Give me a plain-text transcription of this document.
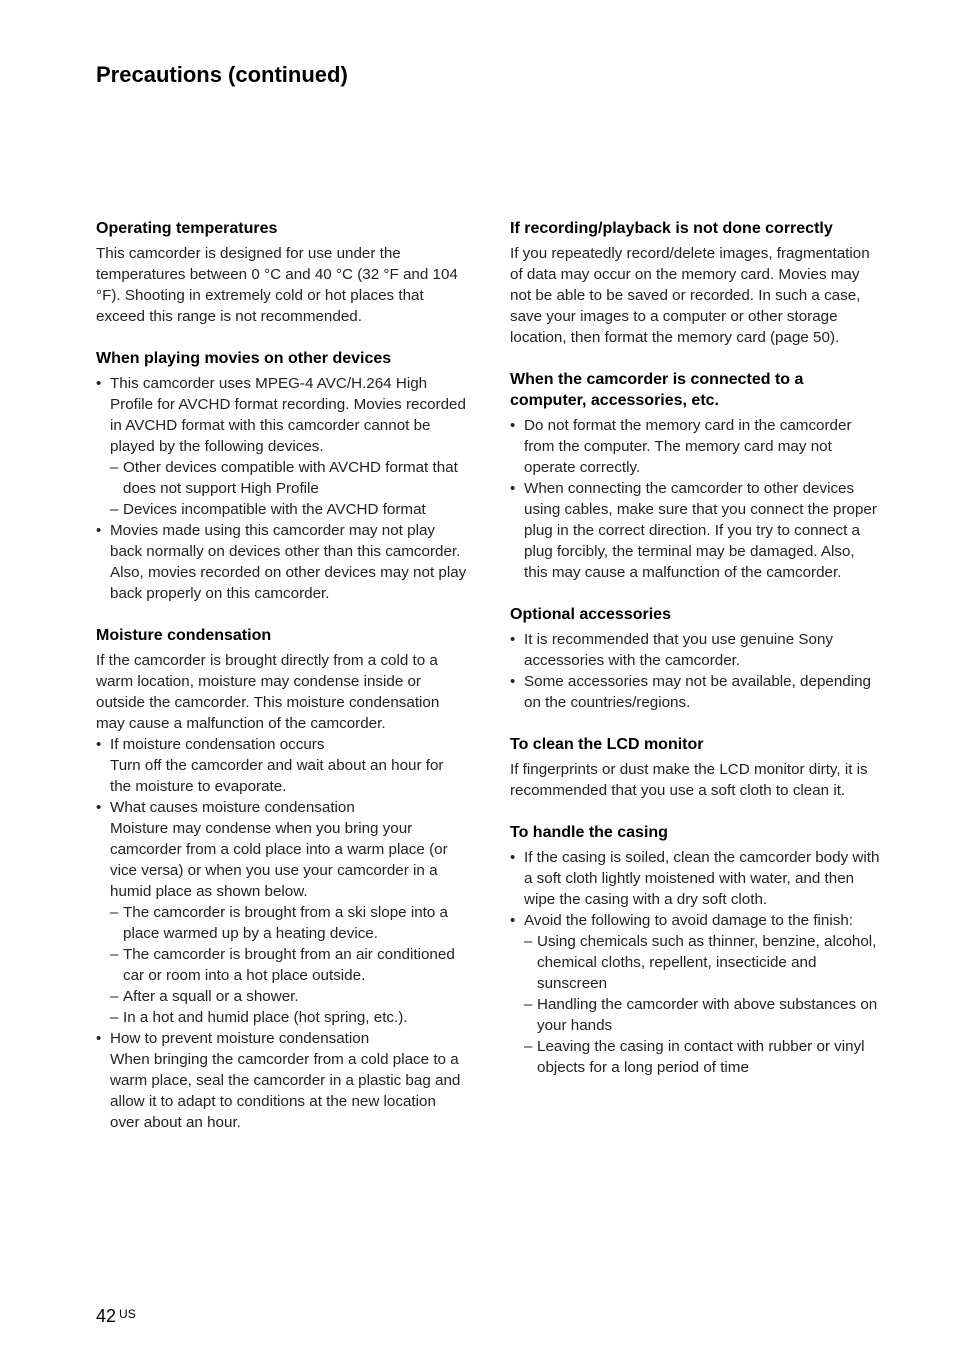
Precautions (continued)
Operating temperatures

This camcorder is designed for use under the temperatures between 0 °C and 40 °C (32 °F and 104 °F). Shooting in extremely cold or hot places that exceed this range is not recommended.

When playing movies on other devices
• This camcorder uses MPEG-4 AVC/H.264 High Profile for AVCHD format recording. Movies recorded in AVCHD format with this camcorder cannot be played by the following devices.
– Other devices compatible with AVCHD format that does not support High Profile
– Devices incompatible with the AVCHD format
• Movies made using this camcorder may not play back normally on devices other than this camcorder. Also, movies recorded on other devices may not play back properly on this camcorder.
Moisture condensation

If the camcorder is brought directly from a cold to a warm location, moisture may condense inside or outside the camcorder. This moisture condensation may cause a malfunction of the camcorder.

• If moisture condensation occurs
Turn off the camcorder and wait about an hour for the moisture to evaporate.
• What causes moisture condensation
Moisture may condense when you bring your camcorder from a cold place into a warm place (or vice versa) or when you use your camcorder in a humid place as shown below.
– The camcorder is brought from a ski slope into a place warmed up by a heating device.
– The camcorder is brought from an air conditioned car or room into a hot place outside.
– After a squall or a shower.
– In a hot and humid place (hot spring, etc.).
• How to prevent moisture condensation
When bringing the camcorder from a cold place to a warm place, seal the camcorder in a plastic bag and allow it to adapt to conditions at the new location over about an hour.
If recording/playback is not done correctly

If you repeatedly record/delete images, fragmentation of data may occur on the memory card. Movies may not be able to be saved or recorded. In such a case, save your images to a computer or other storage location, then format the memory card (page 50).

When the camcorder is connected to a computer, accessories, etc.
• Do not format the memory card in the camcorder from the computer. The memory card may not operate correctly.
• When connecting the camcorder to other devices using cables, make sure that you connect the proper plug in the correct direction. If you try to connect a plug forcibly, the terminal may be damaged. Also, this may cause a malfunction of the camcorder.
Optional accessories
• It is recommended that you use genuine Sony accessories with the camcorder.
• Some accessories may not be available, depending on the countries/regions.
To clean the LCD monitor

If fingerprints or dust make the LCD monitor dirty, it is recommended that you use a soft cloth to clean it.

To handle the casing
• If the casing is soiled, clean the camcorder body with a soft cloth lightly moistened with water, and then wipe the casing with a dry soft cloth.
• Avoid the following to avoid damage to the finish:
– Using chemicals such as thinner, benzine, alcohol, chemical cloths, repellent, insecticide and sunscreen
– Handling the camcorder with above substances on your hands
– Leaving the casing in contact with rubber or vinyl objects for a long period of time
42 $^{US}$
